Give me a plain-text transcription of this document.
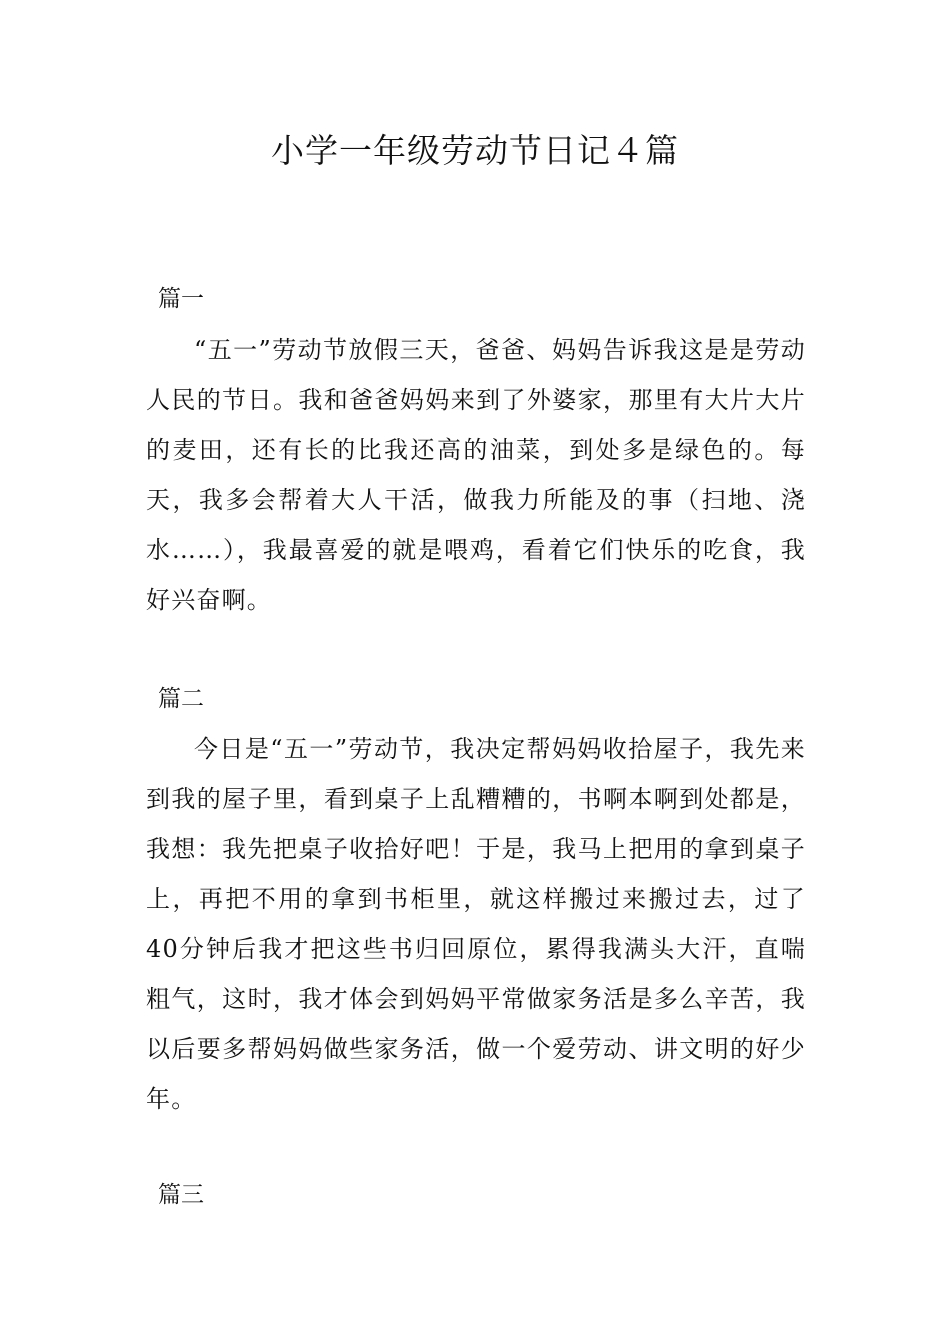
小学一年级劳动节日记４篇
篇一

“五一”劳动节放假三天，爸爸、妈妈告诉我这是是劳动人民的节日。我和爸爸妈妈来到了外婆家，那里有大片大片的麦田，还有长的比我还高的油菜，到处多是绿色的。每天，我多会帮着大人干活，做我力所能及的事（扫地、浇水……），我最喜爱的就是喂鸡，看着它们快乐的吃食，我好兴奋啊。

篇二

今日是“五一”劳动节，我决定帮妈妈收拾屋子，我先来到我的屋子里，看到桌子上乱糟糟的，书啊本啊到处都是，我想：我先把桌子收拾好吧！于是，我马上把用的拿到桌子上，再把不用的拿到书柜里，就这样搬过来搬过去，过了40分钟后我才把这些书归回原位，累得我满头大汗，直喘粗气，这时，我才体会到妈妈平常做家务活是多么辛苦，我以后要多帮妈妈做些家务活，做一个爱劳动、讲文明的好少年。

篇三
